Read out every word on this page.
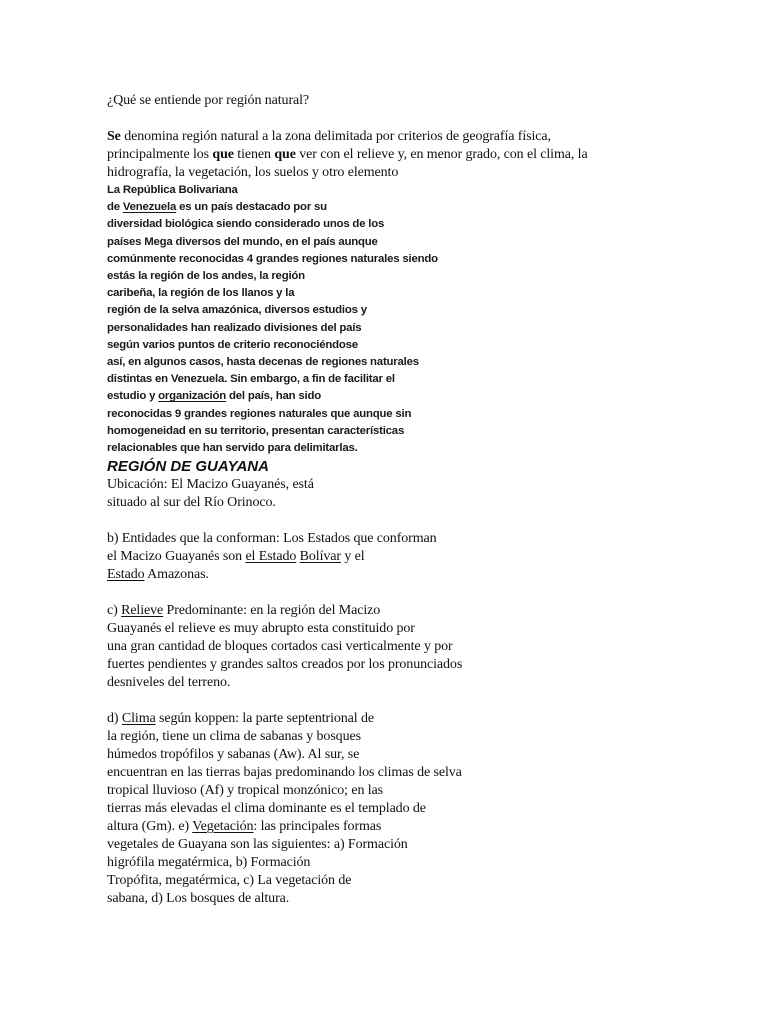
¿Qué se entiende por región natural?
Se denomina región natural a la zona delimitada por criterios de geografía física,
principalmente los que tienen que ver con el relieve y, en menor grado, con el clima, la
hidrografía, la vegetación, los suelos y otro elemento
La República Bolivariana
de Venezuela es un país destacado por su
diversidad biológica siendo considerado unos de los
países Mega diversos del mundo, en el país aunque
comúnmente reconocidas 4 grandes regiones naturales siendo
estás la región de los andes, la región
caribeña, la región de los llanos y la
región de la selva amazónica, diversos estudios y
personalidades han realizado divisiones del país
según varios puntos de criterio reconociéndose
así, en algunos casos, hasta decenas de regiones naturales
distintas en Venezuela. Sin embargo, a fin de facilitar el
estudio y organización del país, han sido
reconocidas 9 grandes regiones naturales que aunque sin
homogeneidad en su territorio, presentan características
relacionables que han servido para delimitarlas.
REGIÓN DE GUAYANA
Ubicación: El Macizo Guayanés, está
situado al sur del Río Orinoco.
b) Entidades que la conforman: Los Estados que conforman
el Macizo Guayanés son el Estado Bolívar y el
Estado Amazonas.
c) Relieve Predominante: en la región del Macizo
Guayanés el relieve es muy abrupto esta constituido por
una gran cantidad de bloques cortados casi verticalmente y por
fuertes pendientes y grandes saltos creados por los pronunciados
desniveles del terreno.
d) Clima según koppen: la parte septentrional de
la región, tiene un clima de sabanas y bosques
húmedos tropófilos y sabanas (Aw). Al sur, se
encuentran en las tierras bajas predominando los climas de selva
tropical lluvioso (Af) y tropical monzónico; en las
tierras más elevadas el clima dominante es el templado de
altura (Gm). e) Vegetación: las principales formas
vegetales de Guayana son las siguientes: a) Formación
higrófila megatérmica, b) Formación
Tropófita, megatérmica, c) La vegetación de
sabana, d) Los bosques de altura.
